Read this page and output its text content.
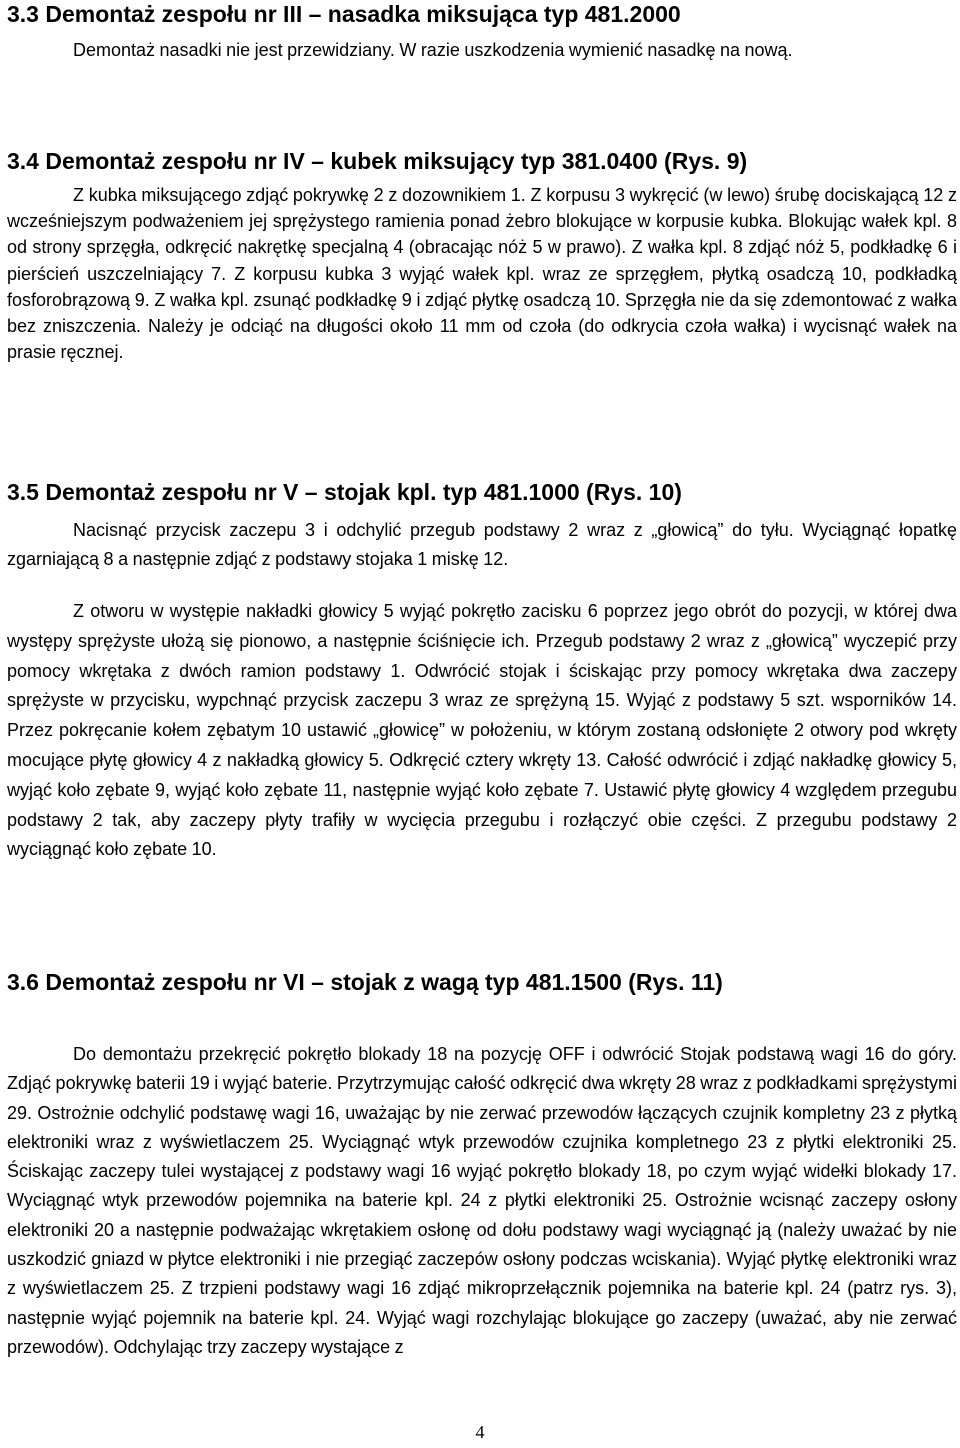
3.3 Demontaż zespołu nr III – nasadka miksująca typ 481.2000

Demontaż nasadki nie jest przewidziany. W razie uszkodzenia wymienić nasadkę na nową.

3.4 Demontaż zespołu nr IV – kubek miksujący typ 381.0400 (Rys. 9)

Z kubka miksującego zdjąć pokrywkę 2 z dozownikiem 1. Z korpusu 3 wykręcić (w lewo) śrubę dociskającą 12 z wcześniejszym podważeniem jej sprężystego ramienia ponad żebro blokujące w korpusie kubka. Blokując wałek kpl. 8 od strony sprzęgła, odkręcić nakrętkę specjalną 4 (obracając nóż 5 w prawo). Z wałka kpl. 8 zdjąć nóż 5, podkładkę 6 i pierścień uszczelniający 7. Z korpusu kubka 3 wyjąć wałek kpl. wraz ze sprzęgłem, płytką osadczą 10, podkładką fosforobrązową 9. Z wałka kpl. zsunąć podkładkę 9 i zdjąć płytkę osadczą 10. Sprzęgła nie da się zdemontować z wałka bez zniszczenia. Należy je odciąć na długości około 11 mm od czoła (do odkrycia czoła wałka) i wycisnąć wałek na prasie ręcznej.

3.5 Demontaż zespołu nr V – stojak kpl. typ 481.1000 (Rys. 10)

Nacisnąć przycisk zaczepu 3 i odchylić przegub podstawy 2 wraz z „głowicą” do tyłu. Wyciągnąć łopatkę zgarniającą 8 a następnie zdjąć z podstawy stojaka 1 miskę 12.

Z otworu w występie nakładki głowicy 5 wyjąć pokrętło zacisku 6 poprzez jego obrót do pozycji, w której dwa występy sprężyste ułożą się pionowo, a następnie ściśnięcie ich. Przegub podstawy 2 wraz z „głowicą” wyczepić przy pomocy wkrętaka z dwóch ramion podstawy 1. Odwrócić stojak i ściskając przy pomocy wkrętaka dwa zaczepy sprężyste w przycisku, wypchnąć przycisk zaczepu 3 wraz ze sprężyną 15. Wyjąć z podstawy 5 szt. wsporników 14. Przez pokręcanie kołem zębatym 10 ustawić „głowicę” w położeniu, w którym zostaną odsłonięte 2 otwory pod wkręty mocujące płytę głowicy 4 z nakładką głowicy 5. Odkręcić cztery wkręty 13. Całość odwrócić i zdjąć nakładkę głowicy 5, wyjąć koło zębate 9, wyjąć koło zębate 11, następnie wyjąć koło zębate 7. Ustawić płytę głowicy 4 względem przegubu podstawy 2 tak, aby zaczepy płyty trafiły w wycięcia przegubu i rozłączyć obie części. Z przegubu podstawy 2 wyciągnąć koło zębate 10.

3.6 Demontaż zespołu nr VI – stojak z wagą typ 481.1500 (Rys. 11)

Do demontażu przekręcić pokrętło blokady 18 na pozycję OFF i odwrócić Stojak podstawą wagi 16 do góry. Zdjąć pokrywkę baterii 19 i wyjąć baterie. Przytrzymując całość odkręcić dwa wkręty 28 wraz z podkładkami sprężystymi 29. Ostrożnie odchylić podstawę wagi 16, uważając by nie zerwać przewodów łączących czujnik kompletny 23 z płytką elektroniki wraz z wyświetlaczem 25. Wyciągnąć wtyk przewodów czujnika kompletnego 23 z płytki elektroniki 25. Ściskając zaczepy tulei wystającej z podstawy wagi 16 wyjąć pokrętło blokady 18, po czym wyjąć widełki blokady 17. Wyciągnąć wtyk przewodów pojemnika na baterie kpl. 24 z płytki elektroniki 25. Ostrożnie wcisnąć zaczepy osłony elektroniki 20 a następnie podważając wkrętakiem osłonę od dołu podstawy wagi wyciągnąć ją (należy uważać by nie uszkodzić gniazd w płytce elektroniki i nie przegiąć zaczepów osłony podczas wciskania). Wyjąć płytkę elektroniki wraz z wyświetlaczem 25. Z trzpieni podstawy wagi 16 zdjąć mikroprzełącznik pojemnika na baterie kpl. 24 (patrz rys. 3), następnie wyjąć pojemnik na baterie kpl. 24. Wyjąć wagi rozchylając blokujące go zaczepy (uważać, aby nie zerwać przewodów). Odchylając trzy zaczepy wystające z

4
